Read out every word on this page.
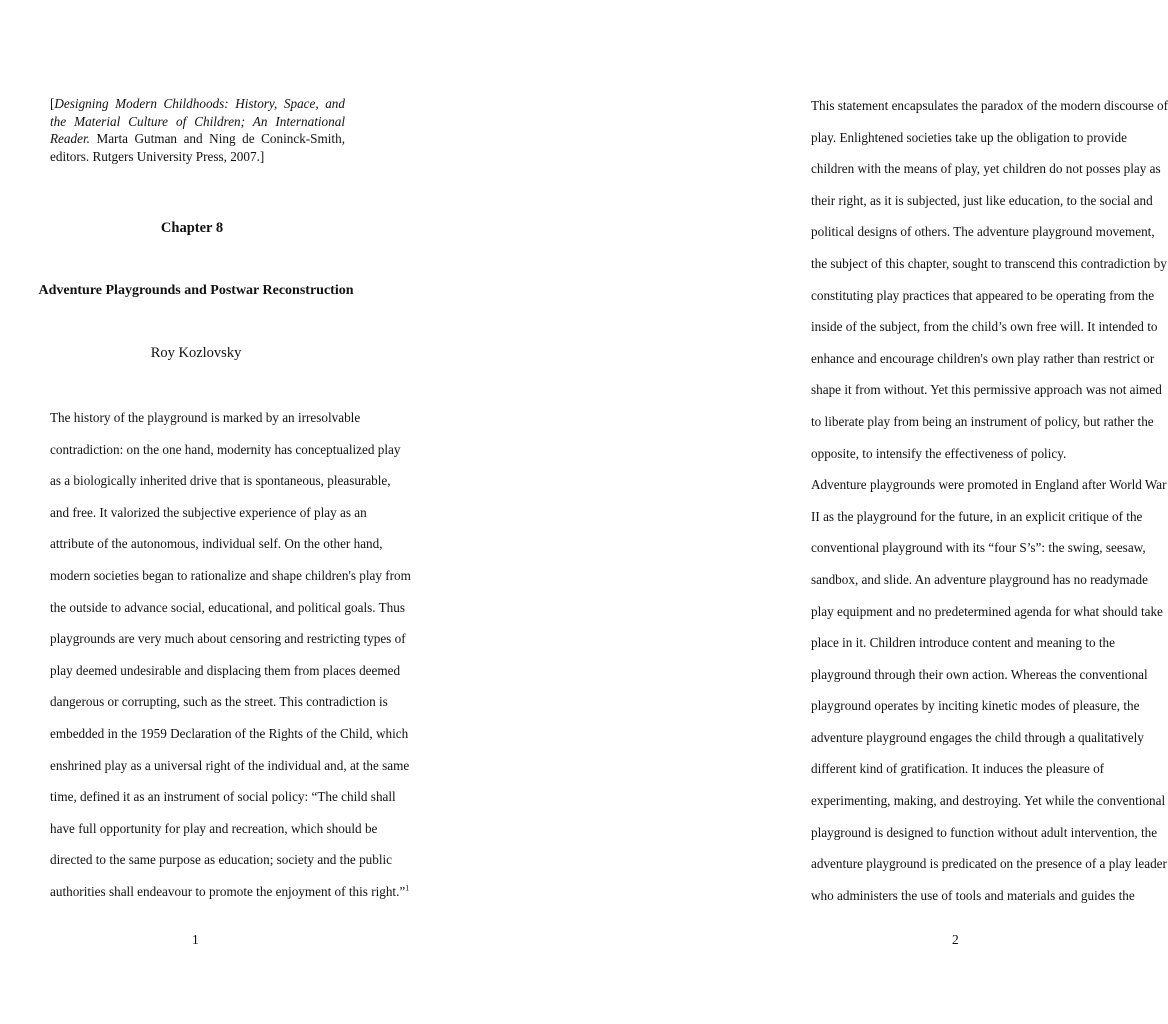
[Designing Modern Childhoods: History, Space, and the Material Culture of Children; An International Reader. Marta Gutman and Ning de Coninck-Smith, editors. Rutgers University Press, 2007.]
Chapter 8
Adventure Playgrounds and Postwar Reconstruction
Roy Kozlovsky
The history of the playground is marked by an irresolvable
contradiction: on the one hand, modernity has conceptualized play
as a biologically inherited drive that is spontaneous, pleasurable,
and free. It valorized the subjective experience of play as an
attribute of the autonomous, individual self. On the other hand,
modern societies began to rationalize and shape children's play from
the outside to advance social, educational, and political goals. Thus
playgrounds are very much about censoring and restricting types of
play deemed undesirable and displacing them from places deemed
dangerous or corrupting, such as the street. This contradiction is
embedded in the 1959 Declaration of the Rights of the Child, which
enshrined play as a universal right of the individual and, at the same
time, defined it as an instrument of social policy: “The child shall
have full opportunity for play and recreation, which should be
directed to the same purpose as education; society and the public
authorities shall endeavour to promote the enjoyment of this right.”$^1$
1
This statement encapsulates the paradox of the modern discourse of
play. Enlightened societies take up the obligation to provide
children with the means of play, yet children do not posses play as
their right, as it is subjected, just like education, to the social and
political designs of others. The adventure playground movement,
the subject of this chapter, sought to transcend this contradiction by
constituting play practices that appeared to be operating from the
inside of the subject, from the child’s own free will. It intended to
enhance and encourage children's own play rather than restrict or
shape it from without. Yet this permissive approach was not aimed
to liberate play from being an instrument of policy, but rather the
opposite, to intensify the effectiveness of policy.
Adventure playgrounds were promoted in England after World War
II as the playground for the future, in an explicit critique of the
conventional playground with its “four S’s”: the swing, seesaw,
sandbox, and slide. An adventure playground has no readymade
play equipment and no predetermined agenda for what should take
place in it. Children introduce content and meaning to the
playground through their own action. Whereas the conventional
playground operates by inciting kinetic modes of pleasure, the
adventure playground engages the child through a qualitatively
different kind of gratification. It induces the pleasure of
experimenting, making, and destroying. Yet while the conventional
playground is designed to function without adult intervention, the
adventure playground is predicated on the presence of a play leader
who administers the use of tools and materials and guides the
2
